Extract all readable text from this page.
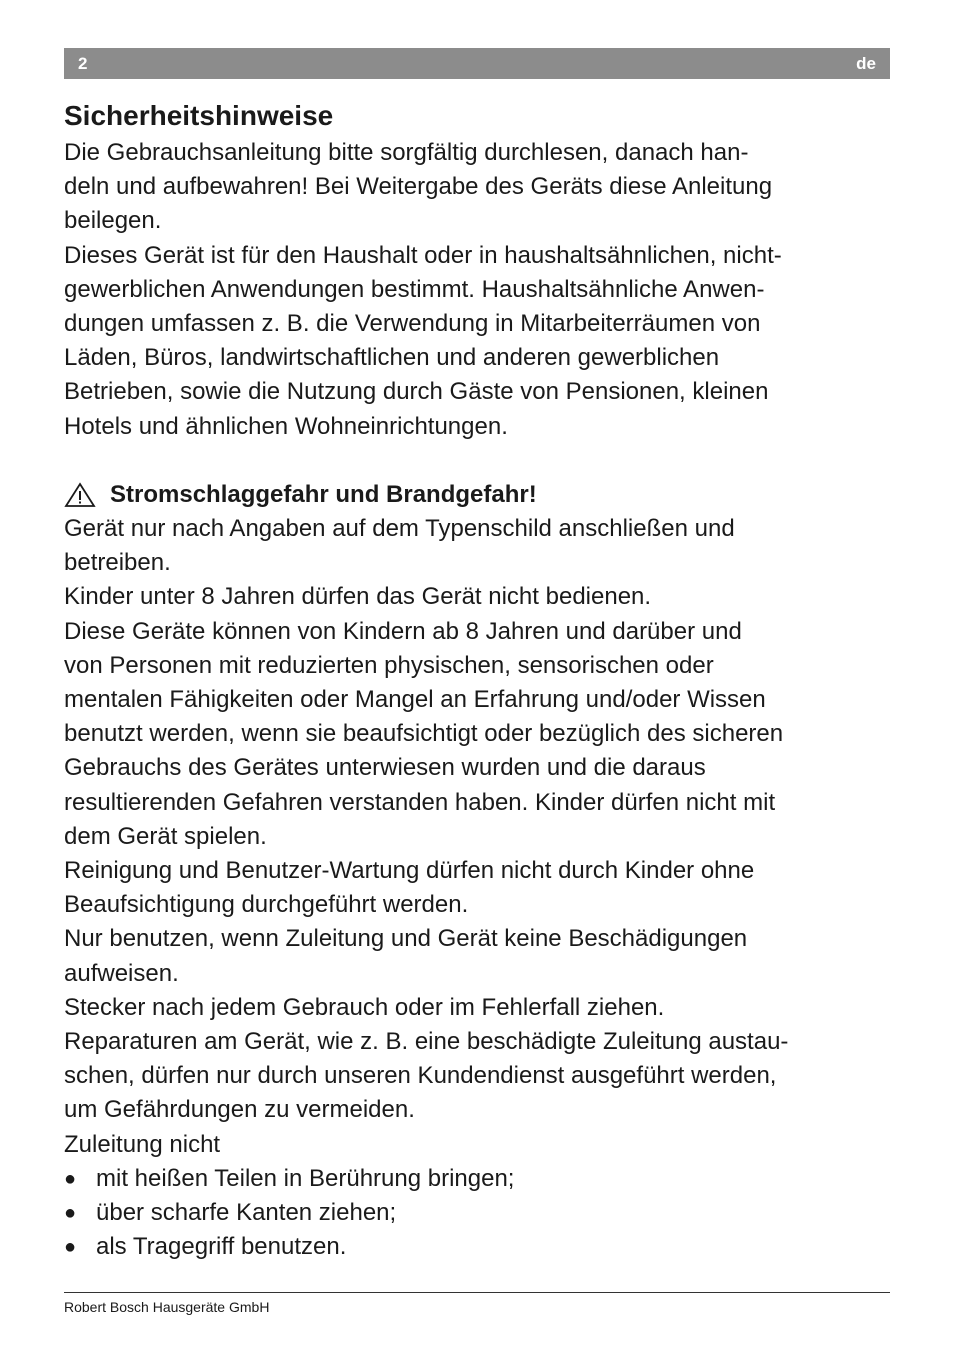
2	de
Sicherheitshinweise

Die Gebrauchsanleitung bitte sorgfältig durchlesen, danach han-

deln und aufbewahren! Bei Weitergabe des Geräts diese Anleitung

beilegen.

Dieses Gerät ist für den Haushalt oder in haushaltsähnlichen, nicht-

gewerblichen Anwendungen bestimmt. Haushaltsähnliche Anwen-

dungen umfassen z. B. die Verwendung in Mitarbeiterräumen von

Läden, Büros, landwirtschaftlichen und anderen gewerblichen

Betrieben, sowie die Nutzung durch Gäste von Pensionen, kleinen

Hotels und ähnlichen Wohneinrichtungen.

Stromschlaggefahr und Brandgefahr!

Gerät nur nach Angaben auf dem Typenschild anschließen und

betreiben.

Kinder unter 8 Jahren dürfen das Gerät nicht bedienen.

Diese Geräte können von Kindern ab 8 Jahren und darüber und

von Personen mit reduzierten physischen, sensorischen oder

mentalen Fähigkeiten oder Mangel an Erfahrung und/oder Wissen

benutzt werden, wenn sie beaufsichtigt oder bezüglich des sicheren

Gebrauchs des Gerätes unterwiesen wurden und die daraus

resultierenden Gefahren verstanden haben. Kinder dürfen nicht mit

dem Gerät spielen.

Reinigung und Benutzer-Wartung dürfen nicht durch Kinder ohne

Beaufsichtigung durchgeführt werden.

Nur benutzen, wenn Zuleitung und Gerät keine Beschädigungen

aufweisen.

Stecker nach jedem Gebrauch oder im Fehlerfall ziehen.

Reparaturen am Gerät, wie z. B. eine beschädigte Zuleitung austau-

schen, dürfen nur durch unseren Kundendienst ausgeführt werden,

um Gefährdungen zu vermeiden.

Zuleitung nicht

● mit heißen Teilen in Berührung bringen;
● über scharfe Kanten ziehen;
● als Tragegriff benutzen.
Robert Bosch Hausgeräte GmbH
